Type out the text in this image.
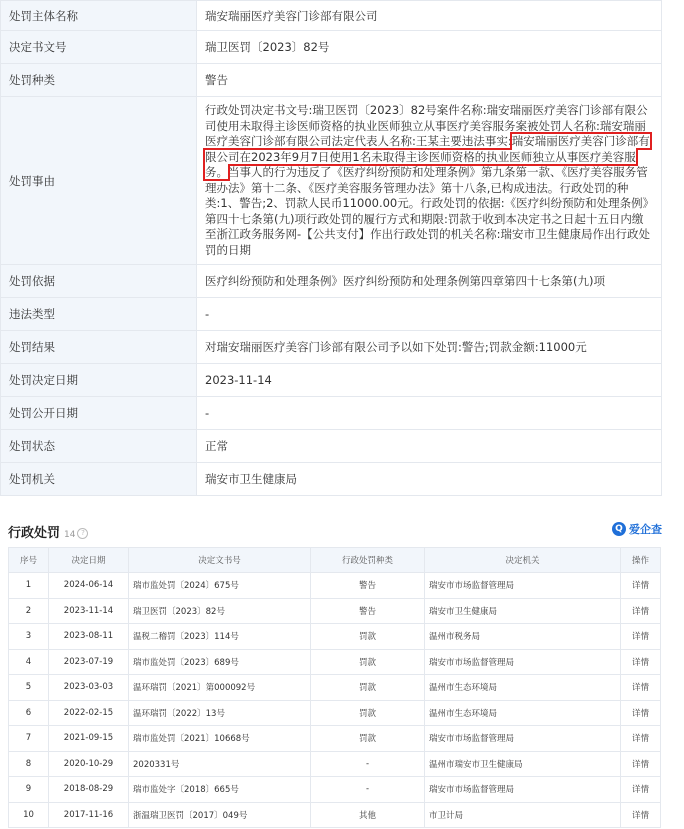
处罚主体名称	瑞安瑞丽医疗美容门诊部有限公司
决定书文号	瑞卫医罚〔2023〕82号
处罚种类	警告
处罚事由	行政处罚决定书文号:瑞卫医罚〔2023〕82号案件名称:瑞安瑞丽医疗美容门诊部有限公司使用未取得主诊医师资格的执业医师独立从事医疗美容服务案被处罚人名称:瑞安瑞丽医疗美容门诊部有限公司法定代表人名称:王某主要违法事实:瑞安瑞丽医疗美容门诊部有限公司在2023年9月7日使用1名未取得主诊医师资格的执业医师独立从事医疗美容服务。当事人的行为违反了《医疗纠纷预防和处理条例》第九条第一款、《医疗美容服务管理办法》第十二条、《医疗美容服务管理办法》第十八条,已构成违法。行政处罚的种类:1、警告;2、罚款人民币11000.00元。行政处罚的依据:《医疗纠纷预防和处理条例》第四十七条第(九)项行政处罚的履行方式和期限:罚款于收到本决定书之日起十五日内缴至浙江政务服务网-【公共支付】作出行政处罚的机关名称:瑞安市卫生健康局作出行政处罚的日期
处罚依据	医疗纠纷预防和处理条例》医疗纠纷预防和处理条例第四章第四十七条第(九)项
违法类型	-
处罚结果	对瑞安瑞丽医疗美容门诊部有限公司予以如下处罚:警告;罚款金额:11000元
处罚决定日期	2023-11-14
处罚公开日期	-
处罚状态	正常
处罚机关	瑞安市卫生健康局
行政处罚 14 ?	Q 爱企查
序号	决定日期	决定文书号	行政处罚种类	决定机关	操作
1	2024-06-14	瑞市监处罚〔2024〕675号	警告	瑞安市市场监督管理局	详情
2	2023-11-14	瑞卫医罚〔2023〕82号	警告	瑞安市卫生健康局	详情
3	2023-08-11	温税二稽罚〔2023〕114号	罚款	温州市税务局	详情
4	2023-07-19	瑞市监处罚〔2023〕689号	罚款	瑞安市市场监督管理局	详情
5	2023-03-03	温环瑞罚〔2021〕第000092号	罚款	温州市生态环境局	详情
6	2022-02-15	温环瑞罚〔2022〕13号	罚款	温州市生态环境局	详情
7	2021-09-15	瑞市监处罚〔2021〕10668号	罚款	瑞安市市场监督管理局	详情
8	2020-10-29	2020331号	-	温州市瑞安市卫生健康局	详情
9	2018-08-29	瑞市监处字〔2018〕665号	-	瑞安市市场监督管理局	详情
10	2017-11-16	浙温瑞卫医罚〔2017〕049号	其他	市卫计局	详情
